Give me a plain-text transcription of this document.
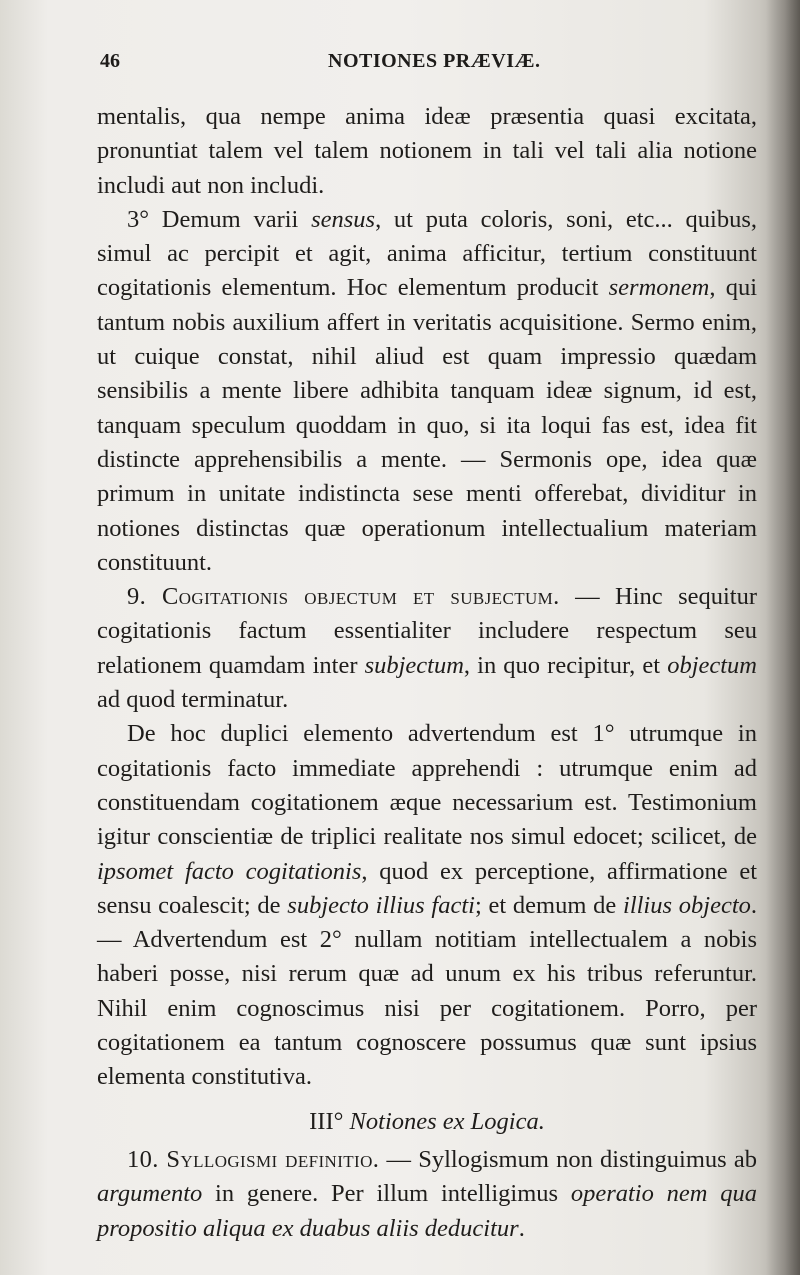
46	NOTIONES PRÆVIÆ.

mentalis, qua nempe anima ideæ præsentia quasi excitata, pronuntiat talem vel talem notionem in tali vel tali alia notione includi aut non includi.

3° Demum varii sensus, ut puta coloris, soni, etc... quibus, simul ac percipit et agit, anima afficitur, tertium constituunt cogitationis elementum. Hoc elementum producit sermonem, qui tantum nobis auxilium affert in veritatis acquisitione. Sermo enim, ut cuique constat, nihil aliud est quam impressio quædam sensibilis a mente libere adhibita tanquam ideæ signum, id est, tanquam speculum quoddam in quo, si ita loqui fas est, idea fit distincte apprehensibilis a mente. — Sermonis ope, idea quæ primum in unitate indistincta sese menti offerebat, dividitur in notiones distinctas quæ operationum intellectualium materiam constituunt.

9. Cogitationis objectum et subjectum. — Hinc sequitur cogitationis factum essentialiter includere respectum seu relationem quamdam inter subjectum, in quo recipitur, et objectum ad quod terminatur.

De hoc duplici elemento advertendum est 1° utrumque in cogitationis facto immediate apprehendi : utrumque enim ad constituendam cogitationem æque necessarium est. Testimonium igitur conscientiæ de triplici realitate nos simul edocet; scilicet, de ipsomet facto cogitationis, quod ex perceptione, affirmatione et sensu coalescit; de subjecto illius facti; et demum de illius objecto. — Advertendum est 2° nullam notitiam intellectualem a nobis haberi posse, nisi rerum quæ ad unum ex his tribus referuntur. Nihil enim cognoscimus nisi per cogitationem. Porro, per cogitationem ea tantum cognoscere possumus quæ sunt ipsius elementa constitutiva.

III° Notiones ex Logica.

10. Syllogismi definitio. — Syllogismum non distinguimus ab argumento in genere. Per illum intelligimus operatio nem qua propositio aliqua ex duabus aliis deducitur.
